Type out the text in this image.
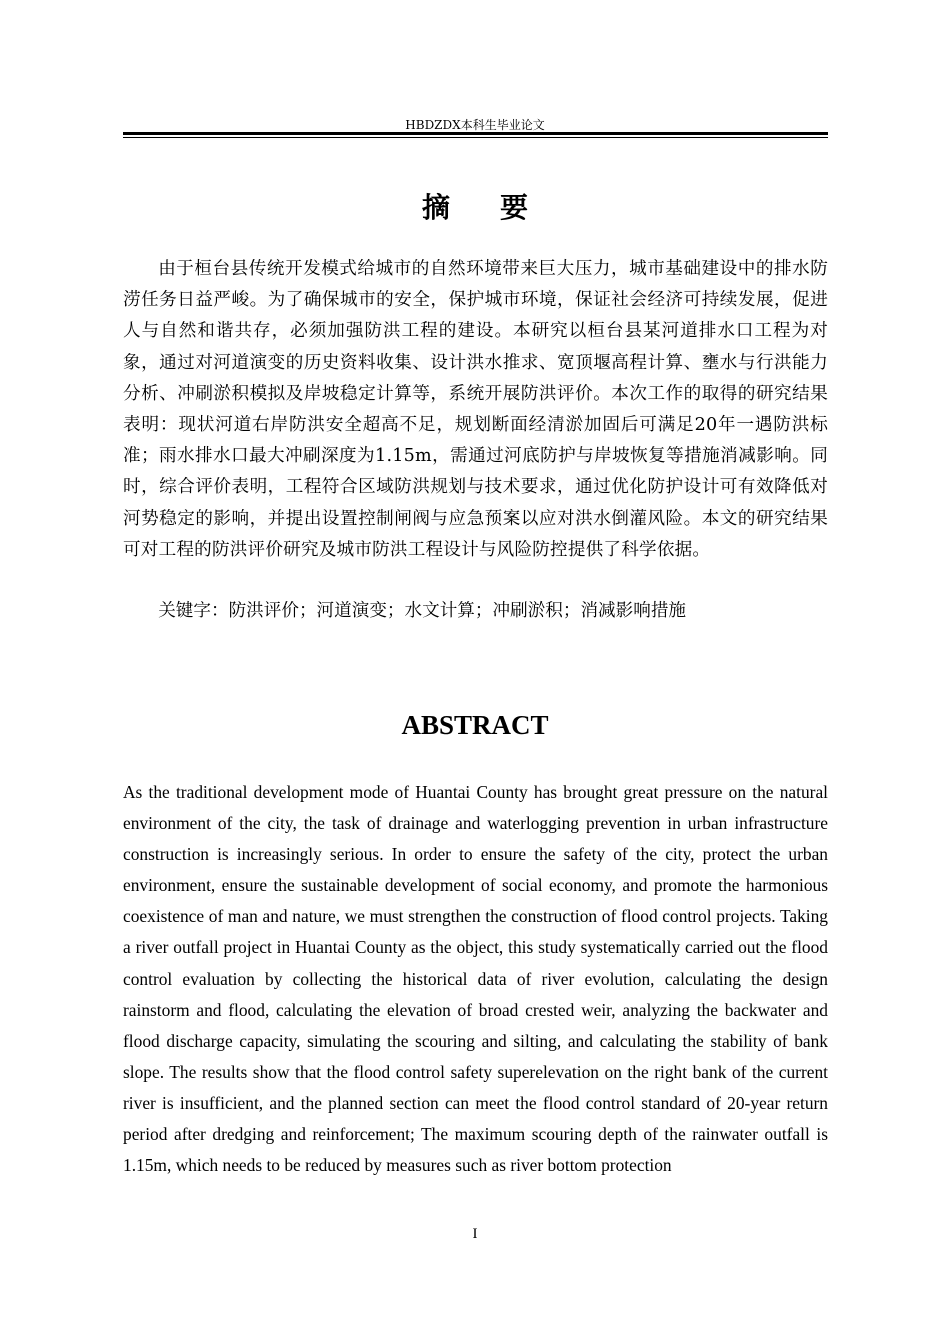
HBDZDX本科生毕业论文
摘要

由于桓台县传统开发模式给城市的自然环境带来巨大压力，城市基础建设中的排水防涝任务日益严峻。为了确保城市的安全，保护城市环境，保证社会经济可持续发展，促进人与自然和谐共存，必须加强防洪工程的建设。本研究以桓台县某河道排水口工程为对象，通过对河道演变的历史资料收集、设计洪水推求、宽顶堰高程计算、壅水与行洪能力分析、冲刷淤积模拟及岸坡稳定计算等，系统开展防洪评价。本次工作的取得的研究结果表明：现状河道右岸防洪安全超高不足，规划断面经清淤加固后可满足20年一遇防洪标准；雨水排水口最大冲刷深度为1.15m，需通过河底防护与岸坡恢复等措施消减影响。同时，综合评价表明，工程符合区域防洪规划与技术要求，通过优化防护设计可有效降低对河势稳定的影响，并提出设置控制闸阀与应急预案以应对洪水倒灌风险。本文的研究结果可对工程的防洪评价研究及城市防洪工程设计与风险防控提供了科学依据。

关键字：防洪评价；河道演变；水文计算；冲刷淤积；消减影响措施

ABSTRACT

As the traditional development mode of Huantai County has brought great pressure on the natural environment of the city, the task of drainage and waterlogging prevention in urban infrastructure construction is increasingly serious. In order to ensure the safety of the city, protect the urban environment, ensure the sustainable development of social economy, and promote the harmonious coexistence of man and nature, we must strengthen the construction of flood control projects. Taking a river outfall project in Huantai County as the object, this study systematically carried out the flood control evaluation by collecting the historical data of river evolution, calculating the design rainstorm and flood, calculating the elevation of broad crested weir, analyzing the backwater and flood discharge capacity, simulating the scouring and silting, and calculating the stability of bank slope. The results show that the flood control safety superelevation on the right bank of the current river is insufficient, and the planned section can meet the flood control standard of 20-year return period after dredging and reinforcement; The maximum scouring depth of the rainwater outfall is 1.15m, which needs to be reduced by measures such as river bottom protection

I
